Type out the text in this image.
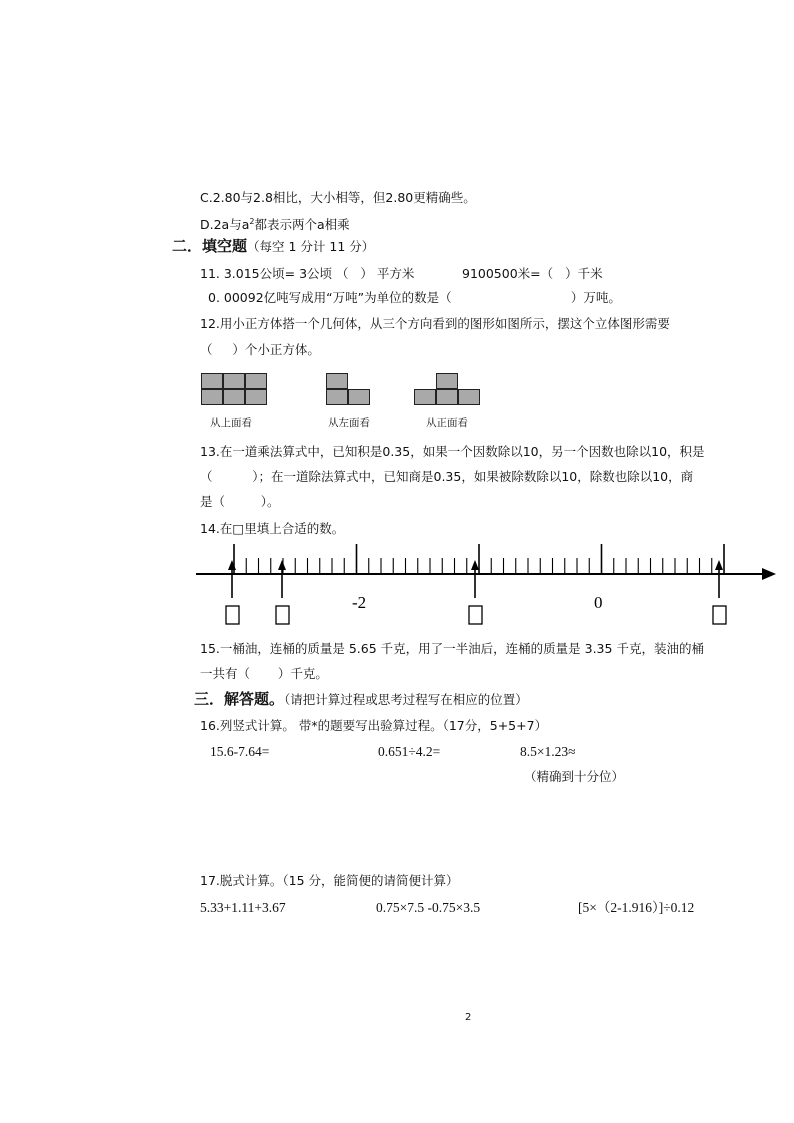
C.2.80与2.8相比，大小相等，但2.80更精确些。
D.2a与$a^2$都表示两个a相乘
二．填空题（每空 1 分计 11 分）
11. 3.015公顷= 3公顷 （   ） 平方米	9100500米=（   ）千米
0. 00092亿吨写成用“万吨”为单位的数是（                              ）万吨。
12.用小正方体搭一个几何体，从三个方向看到的图形如图所示，摆这个立体图形需要
（     ）个小正方体。
从上面看	从左面看	从正面看
13.在一道乘法算式中，已知积是0.35，如果一个因数除以10，另一个因数也除以10，积是
（          ）；在一道除法算式中，已知商是0.35，如果被除数除以10，除数也除以10，商
是（         ）。
14.在□里填上合适的数。
-2	0
15.一桶油，连桶的质量是 5.65 千克，用了一半油后，连桶的质量是 3.35 千克，装油的桶
一共有（       ）千克。
三．解答题。（请把计算过程或思考过程写在相应的位置）
16.列竖式计算。 带*的题要写出验算过程。（17分，5+5+7）
15.6-7.64=	0.651÷4.2=	8.5×1.23≈
（精确到十分位）
17.脱式计算。（15 分，能简便的请简便计算）
5.33+1.11+3.67	0.75×7.5 -0.75×3.5	[5×（2-1.916）]÷0.12
2
